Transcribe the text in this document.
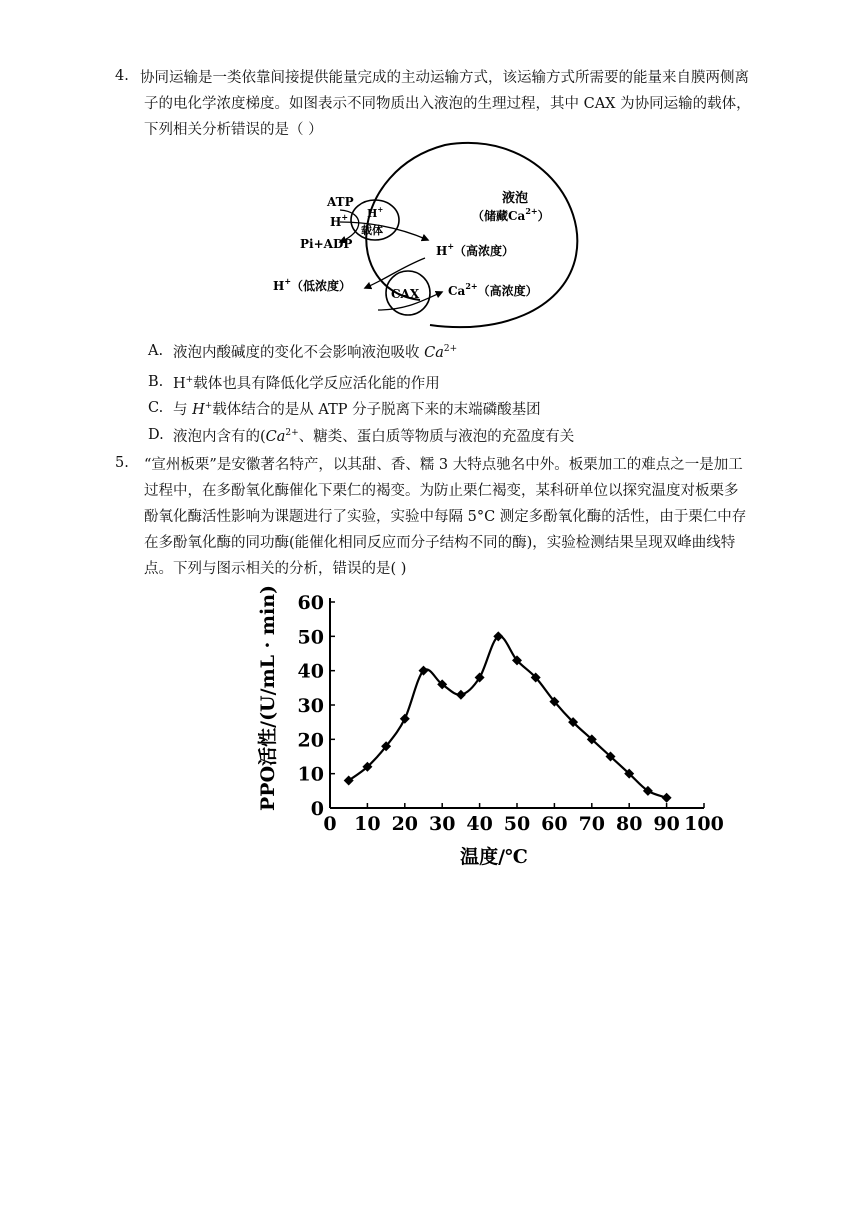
4. 协同运输是一类依靠间接提供能量完成的主动运输方式，该运输方式所需要的能量来自膜两侧离
子的电化学浓度梯度。如图表示不同物质出入液泡的生理过程，其中 CAX 为协同运输的载体，
下列相关分析错误的是（ ）
液泡
（储藏$Ca^{2+}$）
ATP
H+
Pi+ADP
H+
载体
H+（高浓度）
H+（低浓度）
CAX $Ca^{2+}$（高浓度）
A. 液泡内酸碱度的变化不会影响液泡吸收 $Ca^{2+}$
B. H+载体也具有降低化学反应活化能的作用
C. 与 H+载体结合的是从 ATP 分子脱离下来的末端磷酸基团
D. 液泡内含有的($Ca^{2+}$、糖类、蛋白质等物质与液泡的充盈度有关
5. “宣州板栗”是安徽著名特产，以其甜、香、糯 3 大特点驰名中外。板栗加工的难点之一是加工
过程中，在多酚氧化酶催化下栗仁的褐变。为防止栗仁褐变，某科研单位以探究温度对板栗多
酚氧化酶活性影响为课题进行了实验，实验中每隔 5°C 测定多酚氧化酶的活性，由于栗仁中存
在多酚氧化酶的同功酶(能催化相同反应而分子结构不同的酶)，实验检测结果呈现双峰曲线特
点。下列与图示相关的分析，错误的是( )
0 10 20 30 40 50 60 70 80 90 100
0
10
20
30
40
50
60
PPO活性/(U/mL · min)
温度/℃
